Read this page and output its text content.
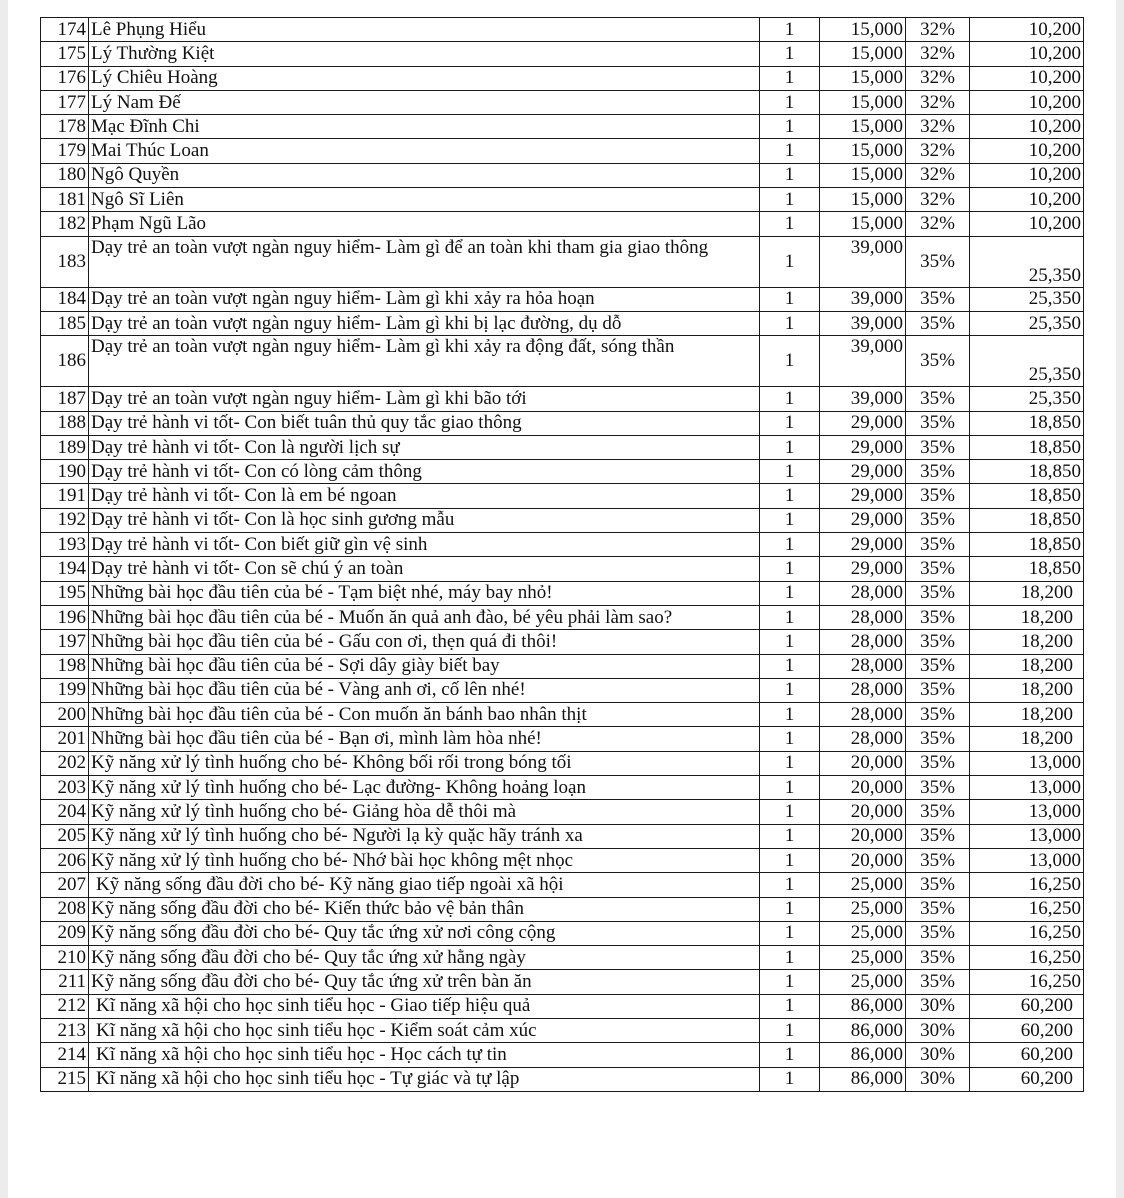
174	Lê Phụng Hiểu	1	15,000	32%	10,200
175	Lý Thường Kiệt	1	15,000	32%	10,200
176	Lý Chiêu Hoàng	1	15,000	32%	10,200
177	Lý Nam Đế	1	15,000	32%	10,200
178	Mạc Đĩnh Chi	1	15,000	32%	10,200
179	Mai Thúc Loan	1	15,000	32%	10,200
180	Ngô Quyền	1	15,000	32%	10,200
181	Ngô Sĩ Liên	1	15,000	32%	10,200
182	Phạm Ngũ Lão	1	15,000	32%	10,200
183	Dạy trẻ an toàn vượt ngàn nguy hiểm- Làm gì để an toàn khi tham gia giao thông	1	39,000	35%	25,350
184	Dạy trẻ an toàn vượt ngàn nguy hiểm- Làm gì khi xảy ra hỏa hoạn	1	39,000	35%	25,350
185	Dạy trẻ an toàn vượt ngàn nguy hiểm- Làm gì khi bị lạc đường, dụ dỗ	1	39,000	35%	25,350
186	Dạy trẻ an toàn vượt ngàn nguy hiểm- Làm gì khi xảy ra động đất, sóng thần	1	39,000	35%	25,350
187	Dạy trẻ an toàn vượt ngàn nguy hiểm- Làm gì khi bão tới	1	39,000	35%	25,350
188	Dạy trẻ hành vi tốt- Con biết tuân thủ quy tắc giao thông	1	29,000	35%	18,850
189	Dạy trẻ hành vi tốt- Con là người lịch sự	1	29,000	35%	18,850
190	Dạy trẻ hành vi tốt- Con có lòng cảm thông	1	29,000	35%	18,850
191	Dạy trẻ hành vi tốt- Con là em bé ngoan	1	29,000	35%	18,850
192	Dạy trẻ hành vi tốt- Con là học sinh gương mẫu	1	29,000	35%	18,850
193	Dạy trẻ hành vi tốt- Con biết giữ gìn vệ sinh	1	29,000	35%	18,850
194	Dạy trẻ hành vi tốt- Con sẽ chú ý an toàn	1	29,000	35%	18,850
195	Những bài học đầu tiên của bé - Tạm biệt nhé, máy bay nhỏ!	1	28,000	35%	18,200
196	Những bài học đầu tiên của bé - Muốn ăn quả anh đào, bé yêu phải làm sao?	1	28,000	35%	18,200
197	Những bài học đầu tiên của bé - Gấu con ơi, thẹn quá đi thôi!	1	28,000	35%	18,200
198	Những bài học đầu tiên của bé - Sợi dây giày biết bay	1	28,000	35%	18,200
199	Những bài học đầu tiên của bé - Vàng anh ơi, cố lên nhé!	1	28,000	35%	18,200
200	Những bài học đầu tiên của bé - Con muốn ăn bánh bao nhân thịt	1	28,000	35%	18,200
201	Những bài học đầu tiên của bé - Bạn ơi, mình làm hòa nhé!	1	28,000	35%	18,200
202	Kỹ năng xử lý tình huống cho bé- Không bối rối trong bóng tối	1	20,000	35%	13,000
203	Kỹ năng xử lý tình huống cho bé- Lạc đường- Không hoảng loạn	1	20,000	35%	13,000
204	Kỹ năng xử lý tình huống cho bé- Giảng hòa dễ thôi mà	1	20,000	35%	13,000
205	Kỹ năng xử lý tình huống cho bé- Người lạ kỳ quặc hãy tránh xa	1	20,000	35%	13,000
206	Kỹ năng xử lý tình huống cho bé- Nhớ bài học không mệt nhọc	1	20,000	35%	13,000
207	Kỹ năng sống đầu đời cho bé- Kỹ năng giao tiếp ngoài xã hội	1	25,000	35%	16,250
208	Kỹ năng sống đầu đời cho bé- Kiến thức bảo vệ bản thân	1	25,000	35%	16,250
209	Kỹ năng sống đầu đời cho bé- Quy tắc ứng xử nơi công cộng	1	25,000	35%	16,250
210	Kỹ năng sống đầu đời cho bé- Quy tắc ứng xử hằng ngày	1	25,000	35%	16,250
211	Kỹ năng sống đầu đời cho bé- Quy tắc ứng xử trên bàn ăn	1	25,000	35%	16,250
212	Kĩ năng xã hội cho học sinh tiểu học - Giao tiếp hiệu quả	1	86,000	30%	60,200
213	Kĩ năng xã hội cho học sinh tiểu học - Kiểm soát cảm xúc	1	86,000	30%	60,200
214	Kĩ năng xã hội cho học sinh tiểu học - Học cách tự tin	1	86,000	30%	60,200
215	Kĩ năng xã hội cho học sinh tiểu học - Tự giác và tự lập	1	86,000	30%	60,200
